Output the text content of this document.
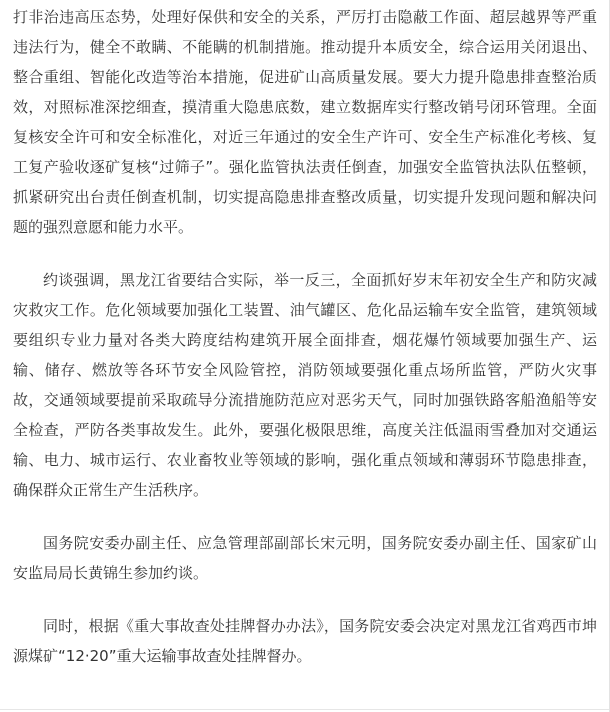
打非治违高压态势，处理好保供和安全的关系，严厉打击隐蔽工作面、超层越界等严重违法行为，健全不敢瞒、不能瞒的机制措施。推动提升本质安全，综合运用关闭退出、整合重组、智能化改造等治本措施，促进矿山高质量发展。要大力提升隐患排查整治质效，对照标准深挖细查，摸清重大隐患底数，建立数据库实行整改销号闭环管理。全面复核安全许可和安全标准化，对近三年通过的安全生产许可、安全生产标准化考核、复工复产验收逐矿复核“过筛子”。强化监管执法责任倒查，加强安全监管执法队伍整顿，抓紧研究出台责任倒查机制，切实提高隐患排查整改质量，切实提升发现问题和解决问题的强烈意愿和能力水平。

约谈强调，黑龙江省要结合实际，举一反三，全面抓好岁末年初安全生产和防灾减灾救灾工作。危化领域要加强化工装置、油气罐区、危化品运输车安全监管，建筑领域要组织专业力量对各类大跨度结构建筑开展全面排查，烟花爆竹领域要加强生产、运输、储存、燃放等各环节安全风险管控，消防领域要强化重点场所监管，严防火灾事故，交通领域要提前采取疏导分流措施防范应对恶劣天气，同时加强铁路客船渔船等安全检查，严防各类事故发生。此外，要强化极限思维，高度关注低温雨雪叠加对交通运输、电力、城市运行、农业畜牧业等领域的影响，强化重点领域和薄弱环节隐患排查，确保群众正常生产生活秩序。

国务院安委办副主任、应急管理部副部长宋元明，国务院安委办副主任、国家矿山安监局局长黄锦生参加约谈。

同时，根据《重大事故查处挂牌督办办法》，国务院安委会决定对黑龙江省鸡西市坤源煤矿“12·20”重大运输事故查处挂牌督办。
